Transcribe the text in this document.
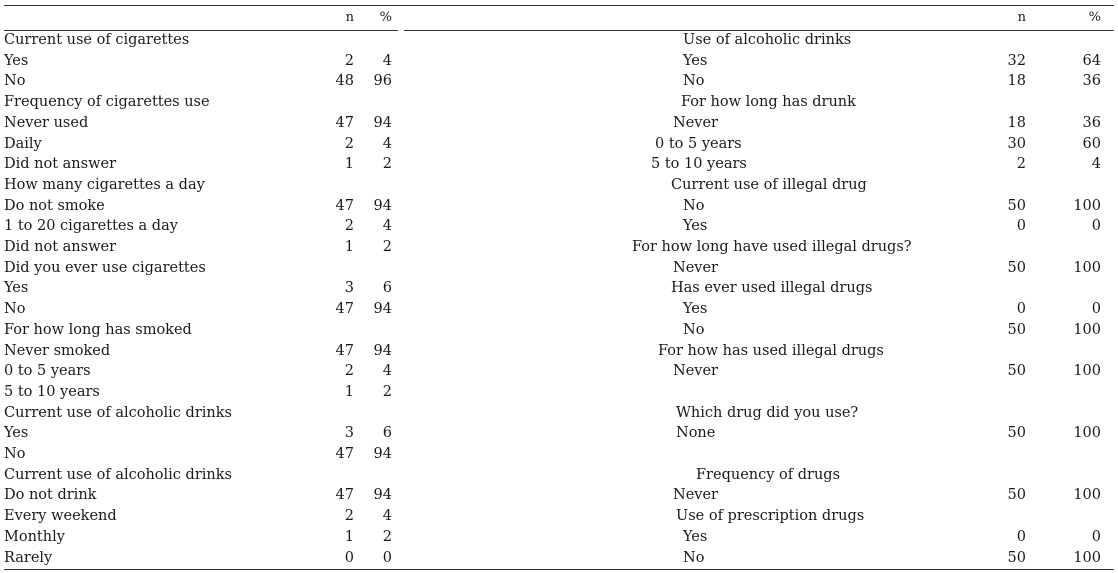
n	%	n	%
Current use of cigarettes
Yes	2	4
No	48	96
Frequency of cigarettes use
Never used	47	94
Daily	2	4
Did not answer	1	2
How many cigarettes a day
Do not smoke	47	94
1 to 20 cigarettes a day	2	4
Did not answer	1	2
Did you ever use cigarettes
Yes	3	6
No	47	94
For how long has smoked
Never smoked	47	94
0 to 5 years	2	4
5 to 10 years	1	2
Current use of alcoholic drinks
Yes	3	6
No	47	94
Current use of alcoholic drinks
Do not drink	47	94
Every weekend	2	4
Monthly	1	2
Rarely	0	0
Use of alcoholic drinks
Yes	32	64
No	18	36
For how long has drunk
Never	18	36
0 to 5 years	30	60
5 to 10 years	2	4
Current use of illegal drug
No	50	100
Yes	0	0
For how long have used illegal drugs?
Never	50	100
Has ever used illegal drugs
Yes	0	0
No	50	100
For how has used illegal drugs
Never	50	100
Which drug did you use?
None	50	100
Frequency of drugs
Never	50	100
Use of prescription drugs
Yes	0	0
No	50	100
